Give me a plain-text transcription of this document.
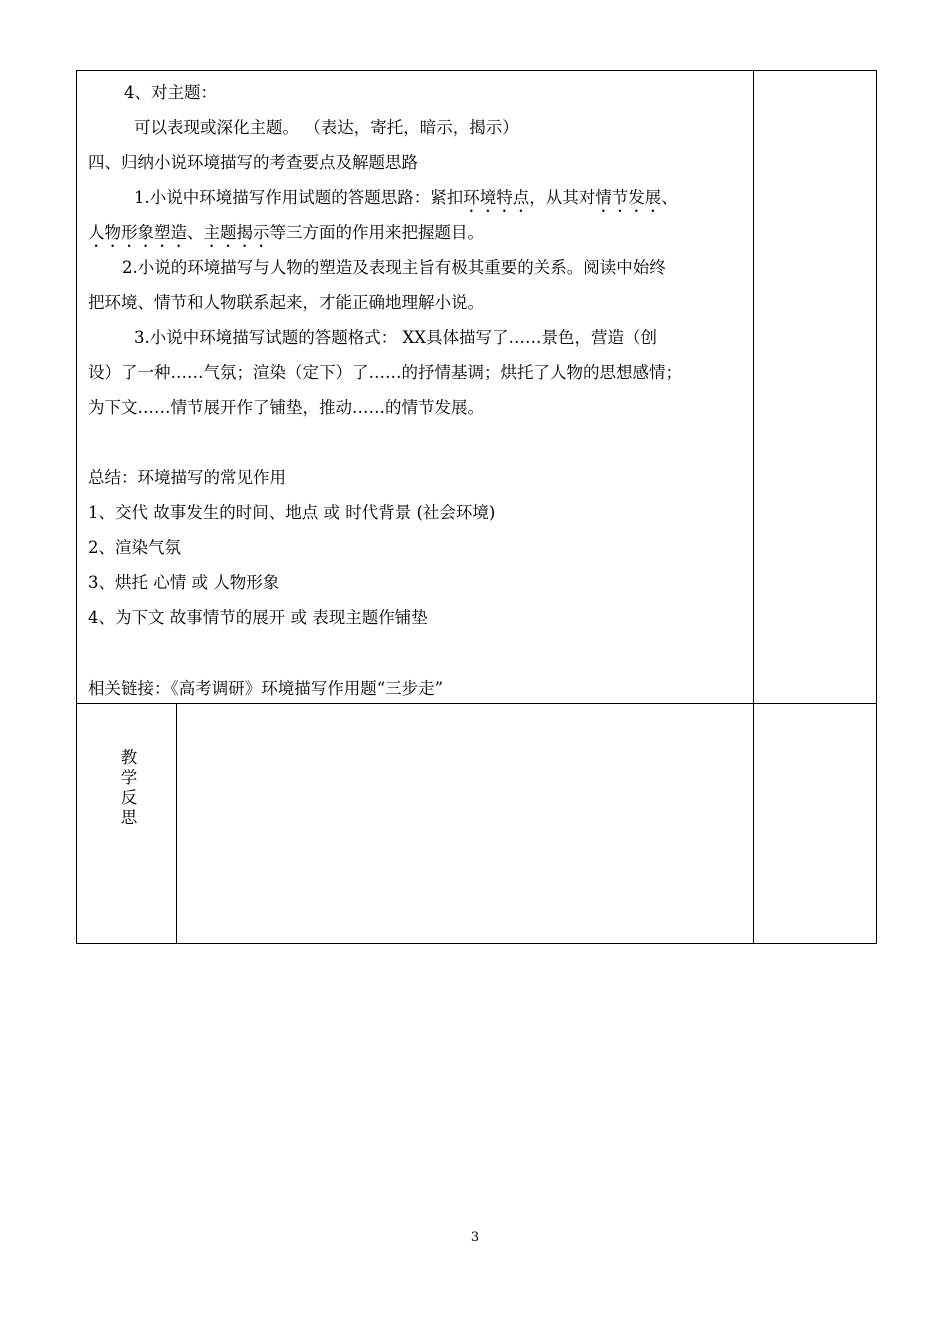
4、对主题：
可以表现或深化主题。 （表达，寄托，暗示，揭示）
四、归纳小说环境描写的考查要点及解题思路
1.小说中环境描写作用试题的答题思路：紧扣环境特点，从其对情节发展、
人物形象塑造、主题揭示等三方面的作用来把握题目。
2.小说的环境描写与人物的塑造及表现主旨有极其重要的关系。阅读中始终
把环境、情节和人物联系起来，才能正确地理解小说。
3.小说中环境描写试题的答题格式： XX具体描写了……景色，营造（创
设）了一种……气氛；渲染（定下）了……的抒情基调；烘托了人物的思想感情；
为下文……情节展开作了铺垫，推动……的情节发展。
总结：环境描写的常见作用
1、交代 故事发生的时间、地点 或 时代背景 (社会环境)
2、渲染气氛
3、烘托 心情 或 人物形象
4、为下文 故事情节的展开 或 表现主题作铺垫
相关链接：《高考调研》环境描写作用题“三步走”
教
学
反
思
3
